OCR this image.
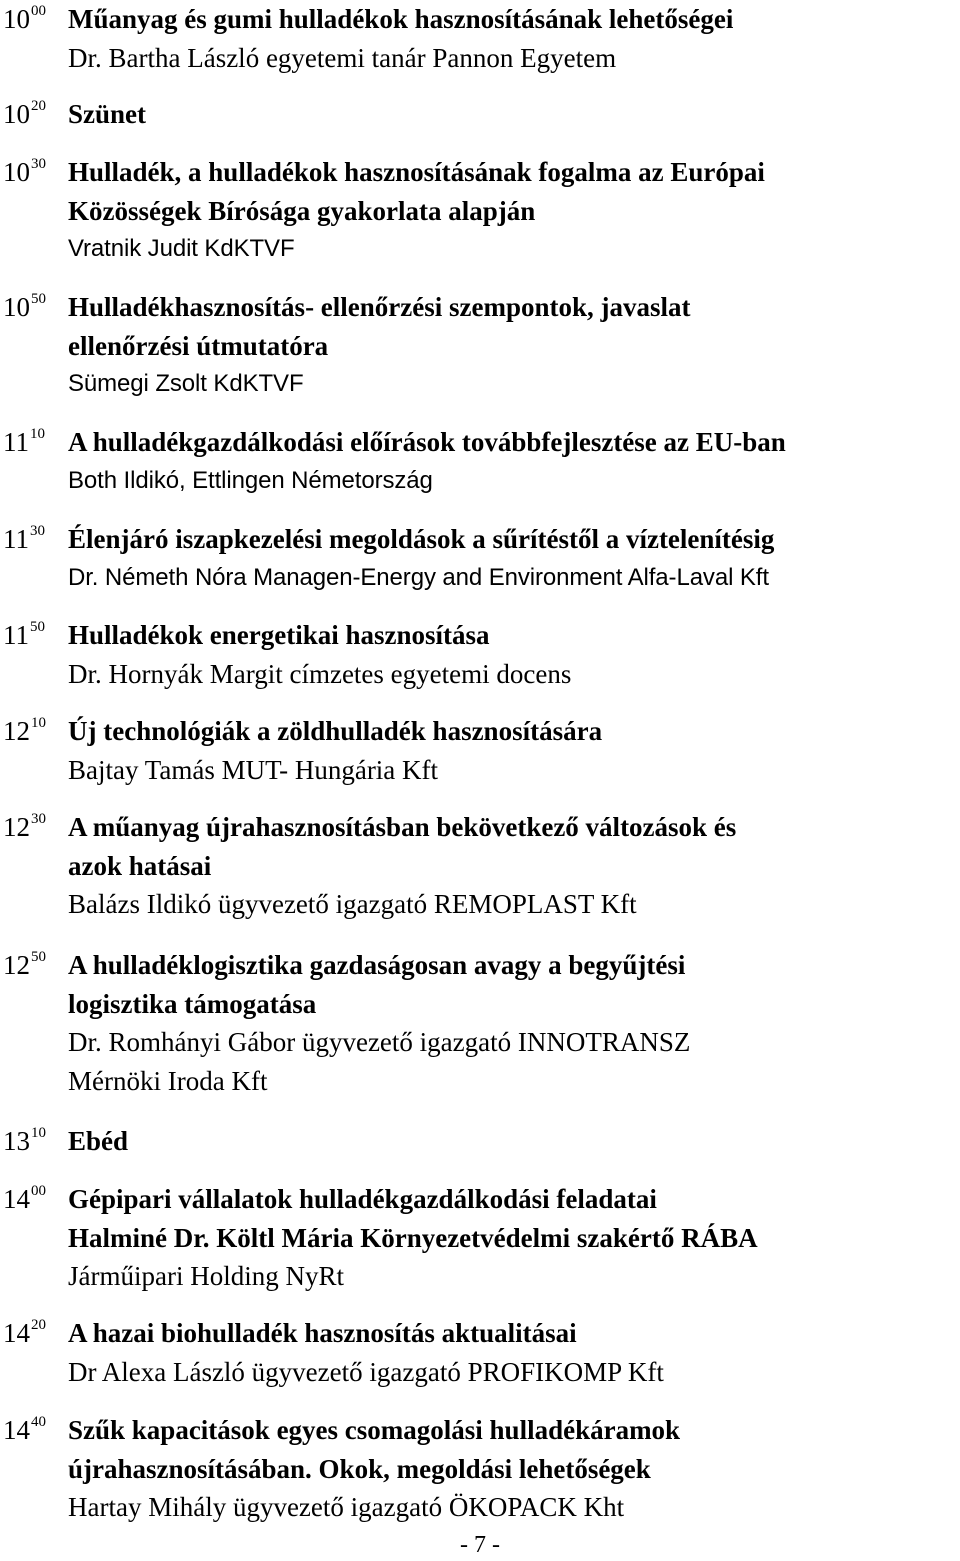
$10^{00}$ Műanyag és gumi hulladékok hasznosításának lehetőségei
Dr. Bartha László egyetemi tanár Pannon Egyetem
$10^{20}$ Szünet
$10^{30}$ Hulladék, a hulladékok hasznosításának fogalma az Európai
Közösségek Bírósága gyakorlata alapján
Vratnik Judit KdKTVF
$10^{50}$ Hulladékhasznosítás- ellenőrzési szempontok, javaslat
ellenőrzési útmutatóra
Sümegi Zsolt KdKTVF
$11^{10}$ A hulladékgazdálkodási előírások továbbfejlesztése az EU-ban
Both Ildikó, Ettlingen Németország
$11^{30}$ Élenjáró iszapkezelési megoldások a sűrítéstől a víztelenítésig
Dr. Németh Nóra Managen-Energy and Environment Alfa-Laval Kft
$11^{50}$ Hulladékok energetikai hasznosítása
Dr. Hornyák Margit címzetes egyetemi docens
$12^{10}$ Új technológiák a zöldhulladék hasznosítására
Bajtay Tamás MUT- Hungária Kft
$12^{30}$ A műanyag újrahasznosításban bekövetkező változások és
azok hatásai
Balázs Ildikó ügyvezető igazgató REMOPLAST Kft
$12^{50}$ A hulladéklogisztika gazdaságosan avagy a begyűjtési
logisztika támogatása
Dr. Romhányi Gábor ügyvezető igazgató INNOTRANSZ
Mérnöki Iroda Kft
$13^{10}$ Ebéd
$14^{00}$ Gépipari vállalatok hulladékgazdálkodási feladatai
Halminé Dr. Költl Mária Környezetvédelmi szakértő RÁBA
Járműipari Holding NyRt
$14^{20}$ A hazai biohulladék hasznosítás aktualitásai
Dr Alexa László ügyvezető igazgató PROFIKOMP Kft
$14^{40}$ Szűk kapacitások egyes csomagolási hulladékáramok
újrahasznosításában. Okok, megoldási lehetőségek
Hartay Mihály ügyvezető igazgató ÖKOPACK Kht
- 7 -
